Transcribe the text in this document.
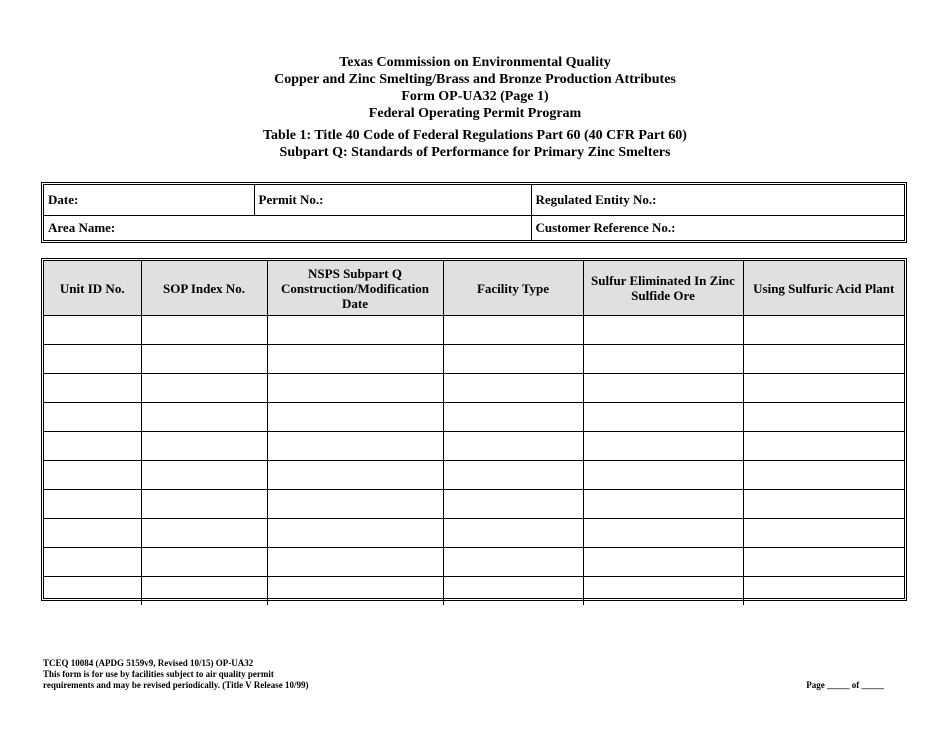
Texas Commission on Environmental Quality
Copper and Zinc Smelting/Brass and Bronze Production Attributes
Form OP-UA32 (Page 1)
Federal Operating Permit Program
Table 1: Title 40 Code of Federal Regulations Part 60 (40 CFR Part 60)
Subpart Q: Standards of Performance for Primary Zinc Smelters
Date:	Permit No.:	Regulated Entity No.:
Area Name:		Customer Reference No.:
Unit ID No.	SOP Index No.	NSPS Subpart Q Construction/Modification Date	Facility Type	Sulfur Eliminated In Zinc Sulfide Ore	Using Sulfuric Acid Plant

TCEQ 10084 (APDG 5159v9, Revised 10/15) OP-UA32
This form is for use by facilities subject to air quality permit
requirements and may be revised periodically. (Title V Release 10/99)	Page _____ of _____
